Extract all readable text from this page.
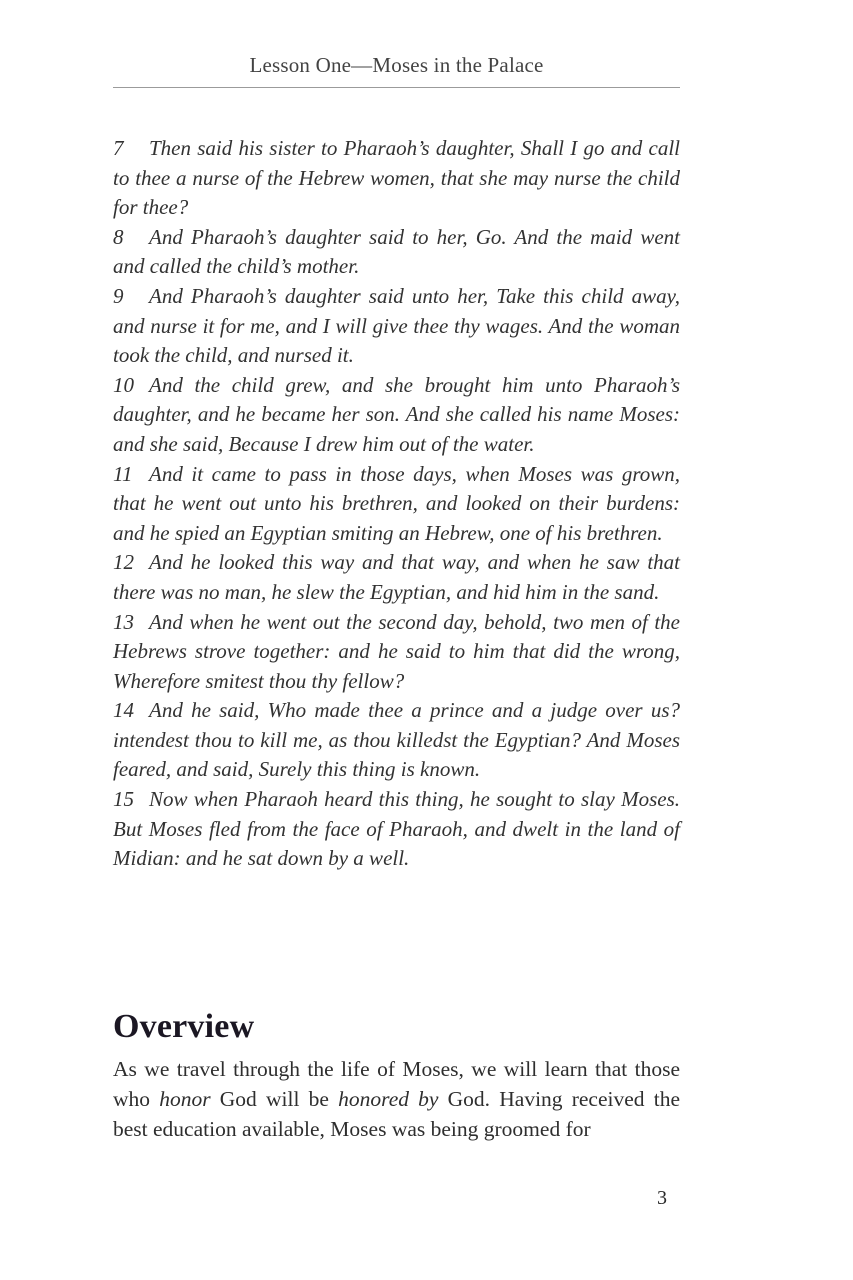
Lesson One—Moses in the Palace

7 Then said his sister to Pharaoh’s daughter, Shall I go and call to thee a nurse of the Hebrew women, that she may nurse the child for thee?

8 And Pharaoh’s daughter said to her, Go. And the maid went and called the child’s mother.

9 And Pharaoh’s daughter said unto her, Take this child away, and nurse it for me, and I will give thee thy wages. And the woman took the child, and nursed it.

10 And the child grew, and she brought him unto Pharaoh’s daughter, and he became her son. And she called his name Moses: and she said, Because I drew him out of the water.

11 And it came to pass in those days, when Moses was grown, that he went out unto his brethren, and looked on their burdens: and he spied an Egyptian smiting an Hebrew, one of his brethren.

12 And he looked this way and that way, and when he saw that there was no man, he slew the Egyptian, and hid him in the sand.

13 And when he went out the second day, behold, two men of the Hebrews strove together: and he said to him that did the wrong, Wherefore smitest thou thy fellow?

14 And he said, Who made thee a prince and a judge over us? intendest thou to kill me, as thou killedst the Egyptian? And Moses feared, and said, Surely this thing is known.

15 Now when Pharaoh heard this thing, he sought to slay Moses. But Moses fled from the face of Pharaoh, and dwelt in the land of Midian: and he sat down by a well.

Overview

As we travel through the life of Moses, we will learn that those who honor God will be honored by God. Having received the best education available, Moses was being groomed for

3
